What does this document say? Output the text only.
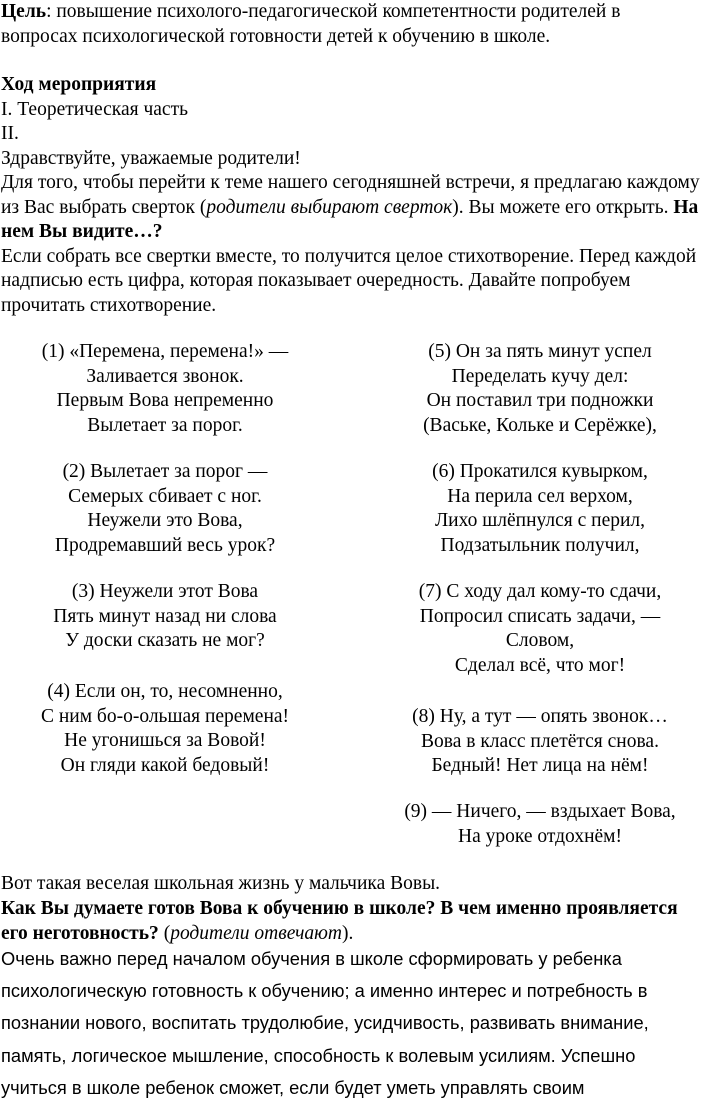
Цель: повышение психолого-педагогической компетентности родителей в вопросах психологической готовности детей к обучению в школе.

Ход мероприятия

I. Теоретическая часть

II.

Здравствуйте, уважаемые родители!

Для того, чтобы перейти к теме нашего сегодняшней встречи, я предлагаю каждому из Вас выбрать сверток (родители выбирают сверток). Вы можете его открыть. На нем Вы видите…?

Если собрать все свертки вместе, то получится целое стихотворение. Перед каждой надписью есть цифра, которая показывает очередность. Давайте попробуем прочитать стихотворение.

(1) «Перемена, перемена!» —
Заливается звонок.
Первым Вова непременно
Вылетает за порог.
(2) Вылетает за порог —
Семерых сбивает с ног.
Неужели это Вова,
Продремавший весь урок?
(3) Неужели этот Вова
Пять минут назад ни слова
У доски сказать не мог?
(4) Если он, то, несомненно,
С ним бо-о-ольшая перемена!
Не угонишься за Вовой!
Он гляди какой бедовый!
(5) Он за пять минут успел
Переделать кучу дел:
Он поставил три подножки
(Ваське, Кольке и Серёжке),
(6) Прокатился кувырком,
На перила сел верхом,
Лихо шлёпнулся с перил,
Подзатыльник получил,
(7) С ходу дал кому-то сдачи,
Попросил списать задачи, —
Словом,
Сделал всё, что мог!
(8) Ну, а тут — опять звонок…
Вова в класс плетётся снова.
Бедный! Нет лица на нём!
(9) — Ничего, — вздыхает Вова,
На уроке отдохнём!

Вот такая веселая школьная жизнь у мальчика Вовы.

Как Вы думаете готов Вова к обучению в школе? В чем именно проявляется его неготовность? (родители отвечают).

Очень важно перед началом обучения в школе сформировать у ребенка психологическую готовность к обучению; а именно интерес и потребность в познании нового, воспитать трудолюбие, усидчивость, развивать внимание, память, логическое мышление, способность к волевым усилиям. Успешно учиться в школе ребенок сможет, если будет уметь управлять своим
